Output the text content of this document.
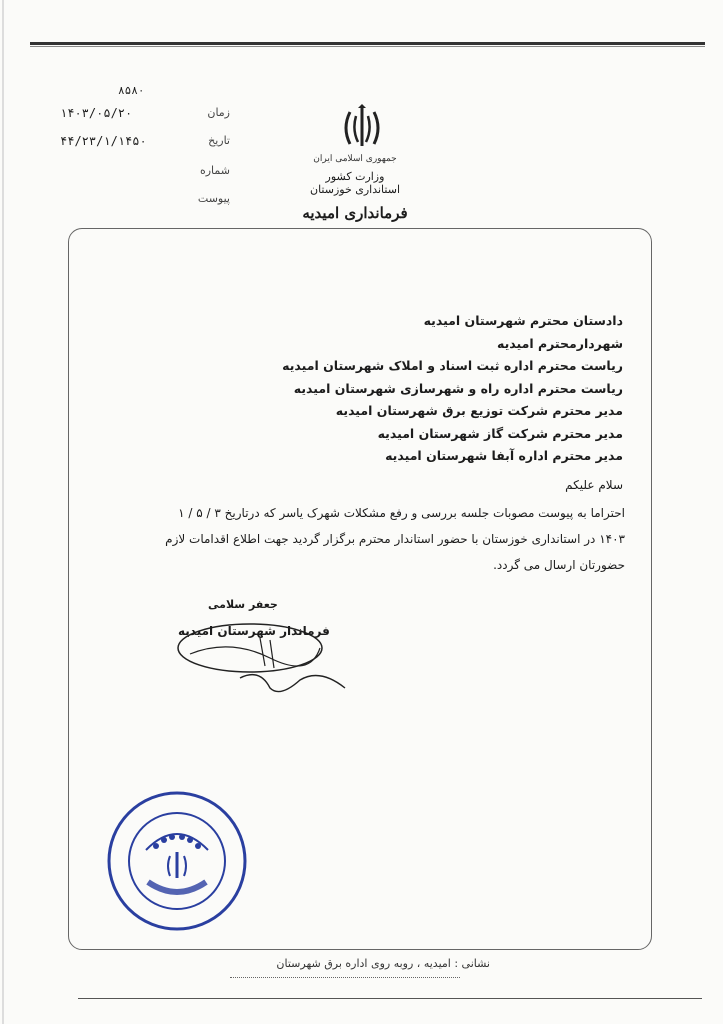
۸۵۸۰
زمان
۱۴۰۳/۰۵/۲۰
تاریخ
۴۴/۲۳/۱/۱۴۵۰
شماره
پیوست
جمهوری اسلامی ایران
وزارت کشور
استانداری خوزستان
فرمانداری امیدیه
دادستان محترم شهرستان امیدیه
شهردارمحترم امیدیه
ریاست محترم اداره ثبت اسناد و املاک شهرستان امیدیه
ریاست محترم اداره راه و شهرسازی شهرستان امیدیه
مدیر محترم شرکت توزیع برق شهرستان امیدیه
مدیر محترم شرکت گاز شهرستان امیدیه
مدیر محترم اداره آبفا شهرستان امیدیه
سلام علیکم
احتراما به پیوست مصوبات جلسه بررسی و رفع مشکلات شهرک یاسر که درتاریخ ۳ / ۵ / ۱
۱۴۰۳ در استانداری خوزستان با حضور استاندار محترم برگزار گردید جهت اطلاع اقدامات لازم
حضورتان ارسال می گردد.
جعفر سلامی
فرماندار شهرستان امیدیه
نشانی : امیدیه ، روبه روی اداره برق شهرستان
